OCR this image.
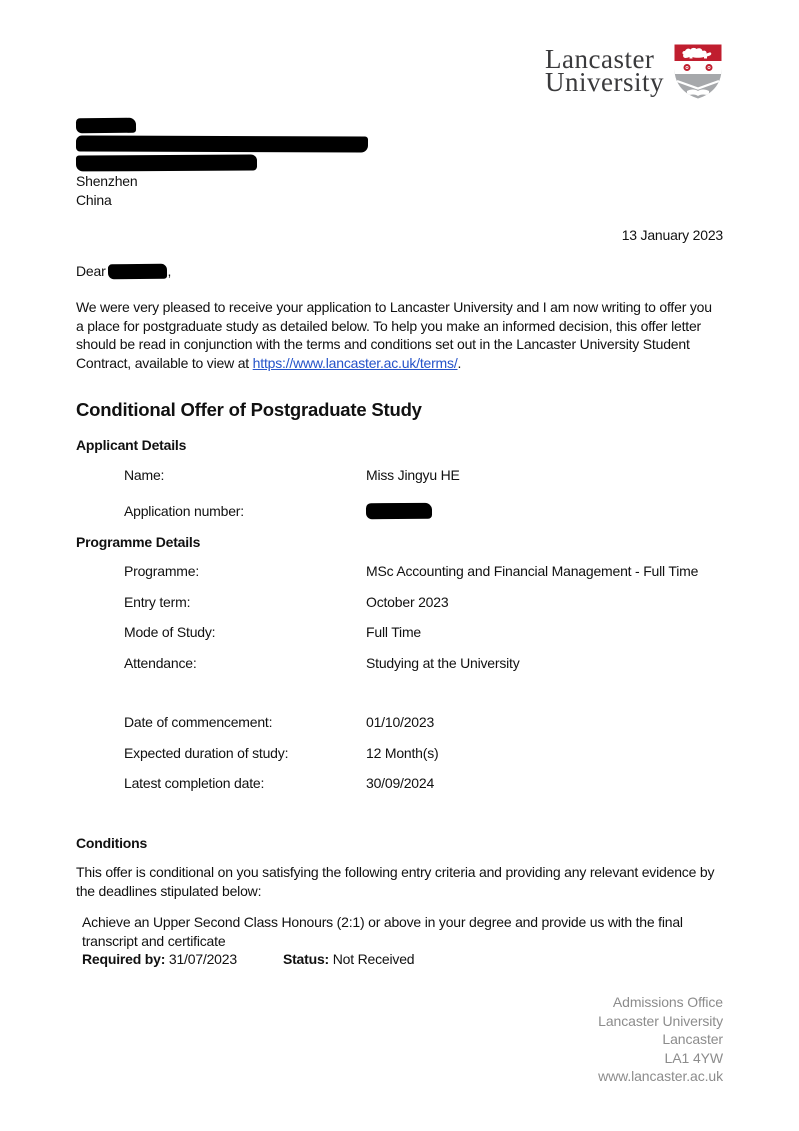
Lancaster
University
Shenzhen
China
13 January 2023
Dear	,
We were very pleased to receive your application to Lancaster University and I am now writing to offer you a place for postgraduate study as detailed below. To help you make an informed decision, this offer letter should be read in conjunction with the terms and conditions set out in the Lancaster University Student Contract, available to view at https://www.lancaster.ac.uk/terms/.
Conditional Offer of Postgraduate Study
Applicant Details
Name:	Miss Jingyu HE
Application number:
Programme Details
Programme:	MSc Accounting and Financial Management - Full Time
Entry term:	October 2023
Mode of Study:	Full Time
Attendance:	Studying at the University
Date of commencement:	01/10/2023
Expected duration of study:	12 Month(s)
Latest completion date:	30/09/2024
Conditions
This offer is conditional on you satisfying the following entry criteria and providing any relevant evidence by the deadlines stipulated below:
Achieve an Upper Second Class Honours (2:1) or above in your degree and provide us with the final transcript and certificate
Required by: 31/07/2023	Status: Not Received
Admissions Office
Lancaster University
Lancaster
LA1 4YW
www.lancaster.ac.uk
